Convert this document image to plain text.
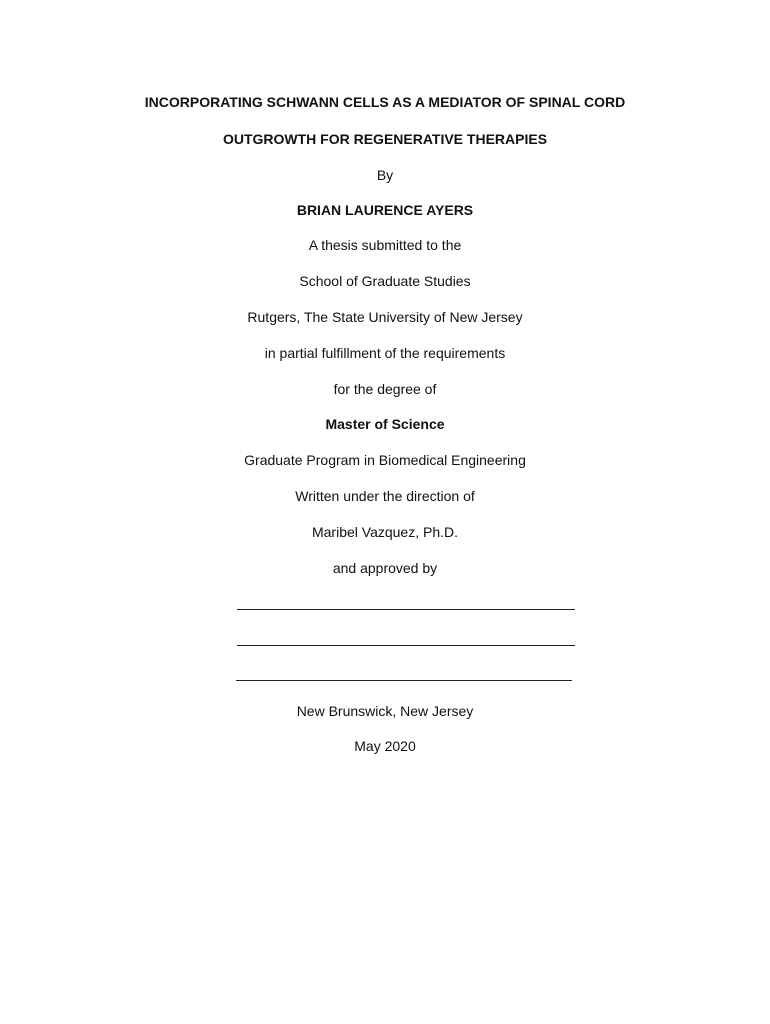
INCORPORATING SCHWANN CELLS AS A MEDIATOR OF SPINAL CORD
OUTGROWTH FOR REGENERATIVE THERAPIES
By
BRIAN LAURENCE AYERS
A thesis submitted to the
School of Graduate Studies
Rutgers, The State University of New Jersey
in partial fulfillment of the requirements
for the degree of
Master of Science
Graduate Program in Biomedical Engineering
Written under the direction of
Maribel Vazquez, Ph.D.
and approved by
New Brunswick, New Jersey
May 2020
